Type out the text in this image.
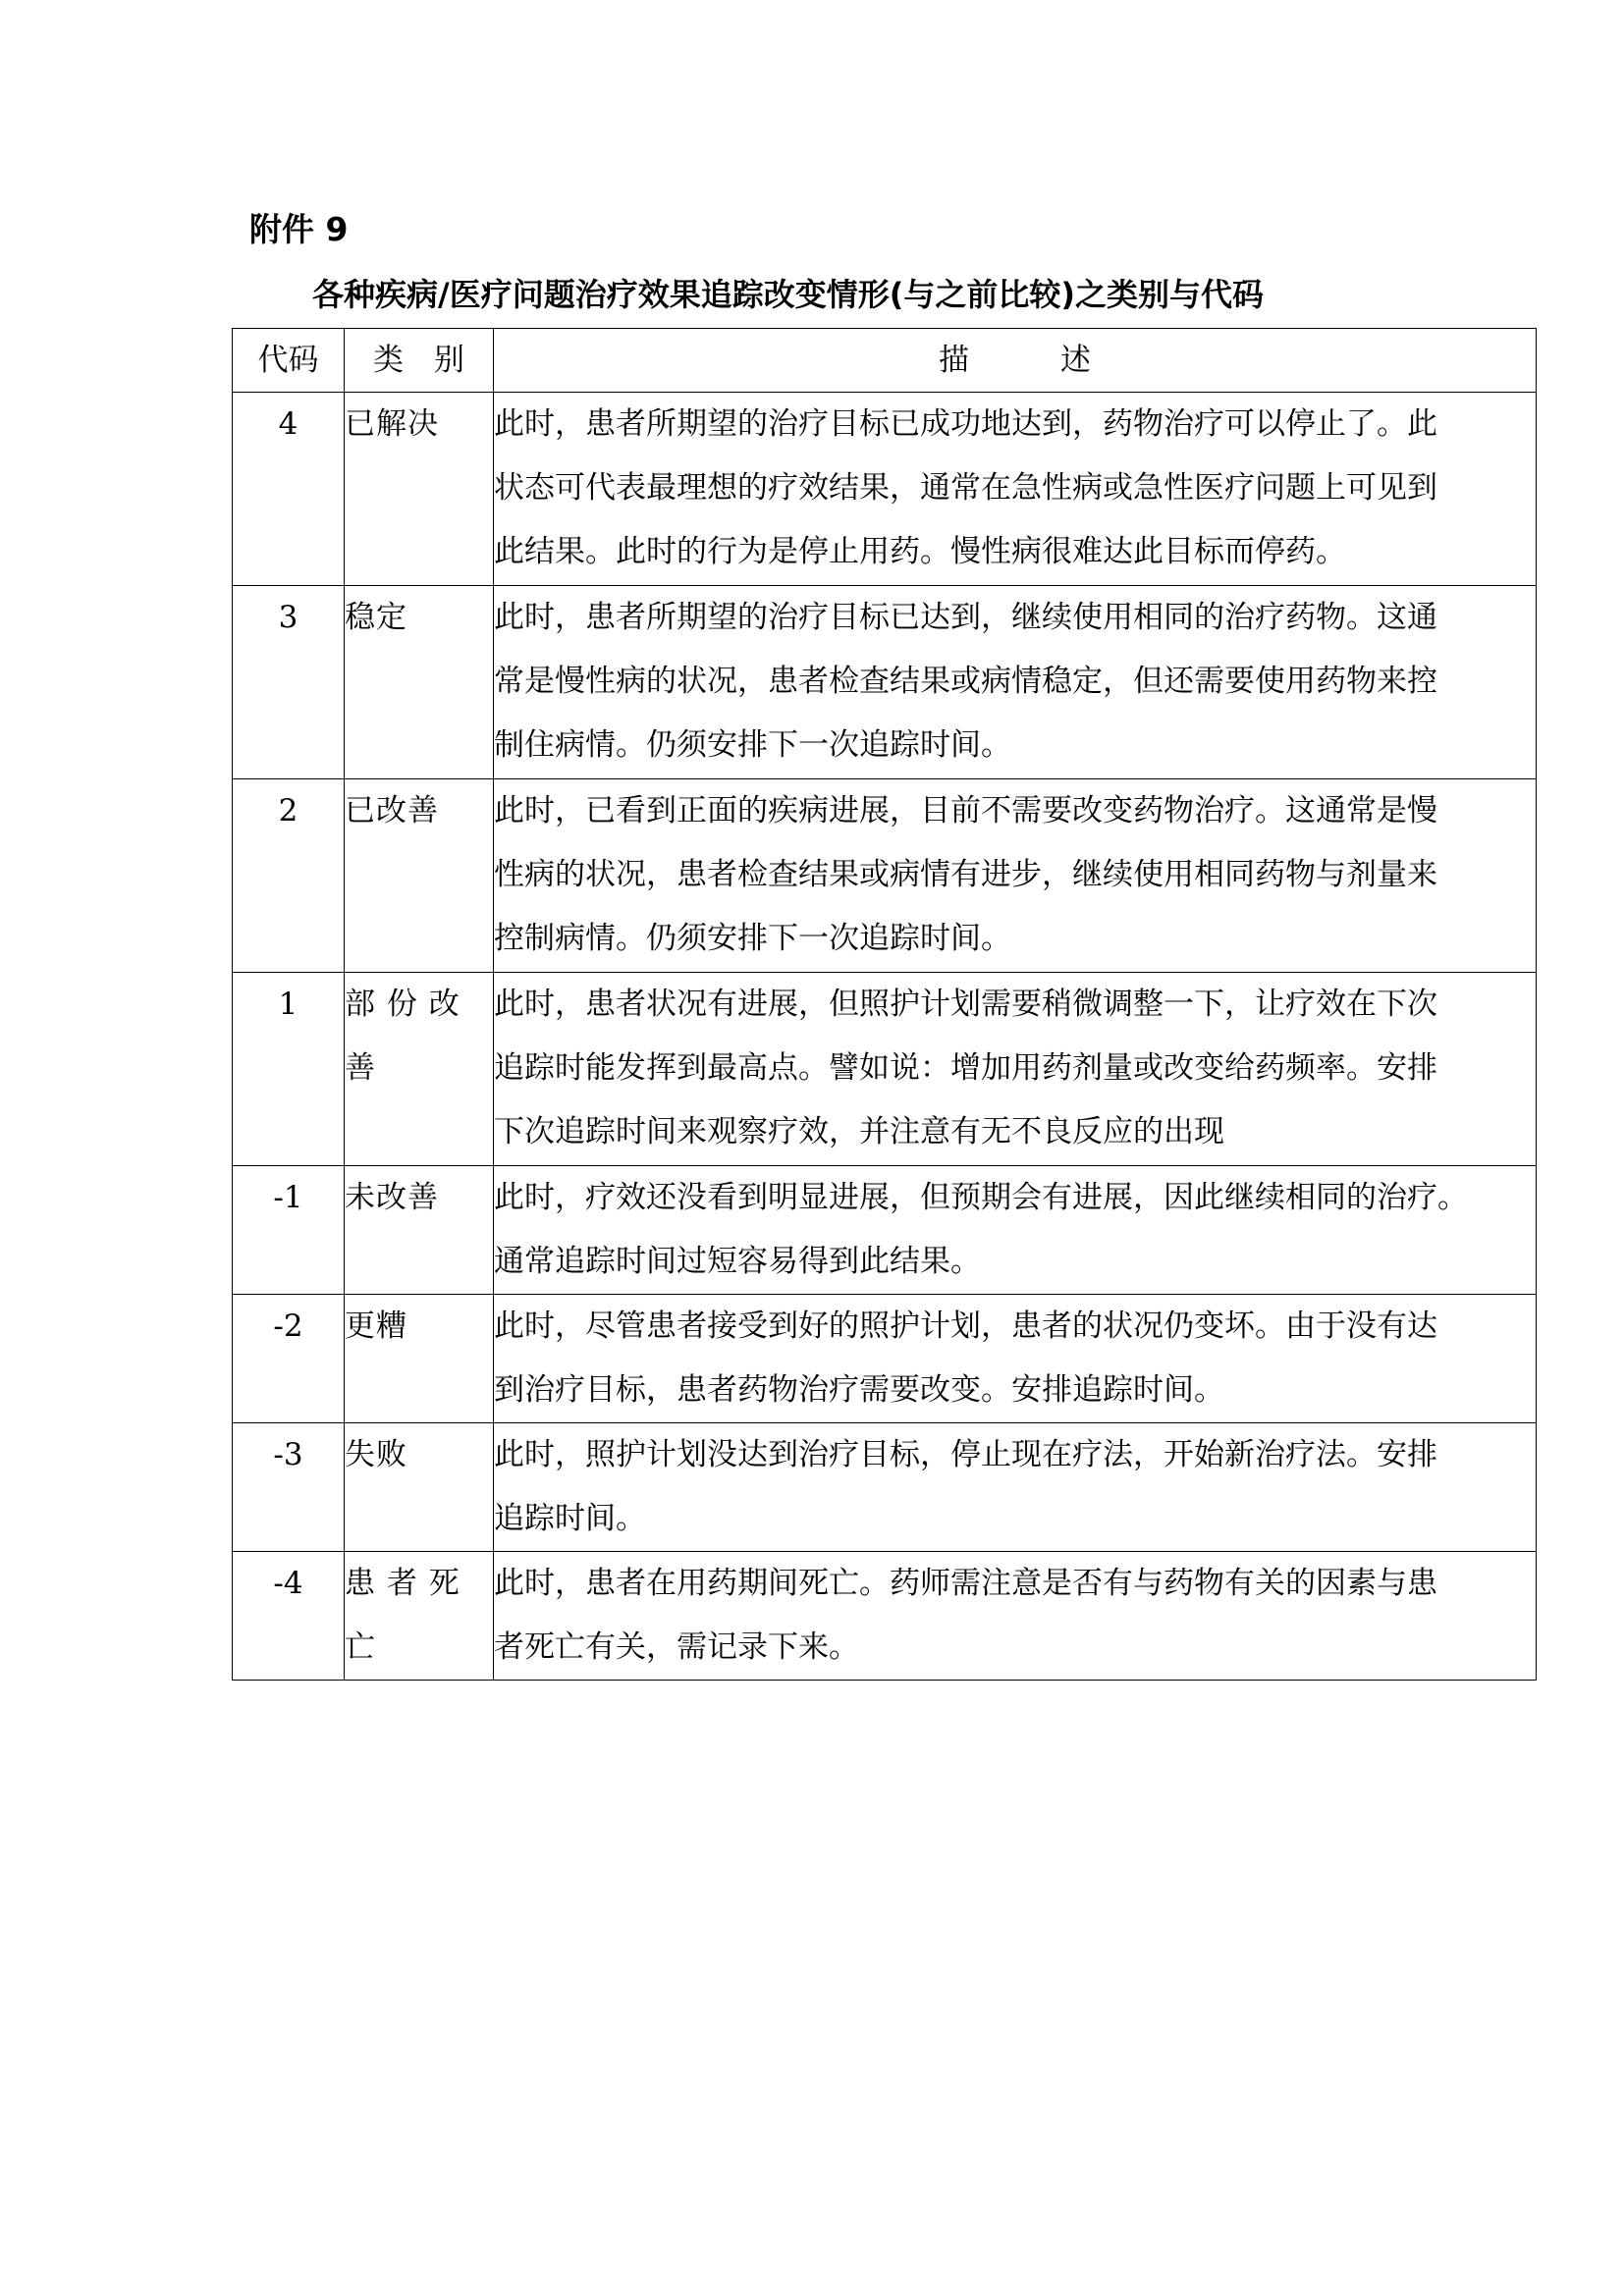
附件 9
各种疾病/医疗问题治疗效果追踪改变情形(与之前比较)之类别与代码
代码	类　别	描　　　述
4	已解决	此时，患者所期望的治疗目标已成功地达到，药物治疗可以停止了。此
状态可代表最理想的疗效结果，通常在急性病或急性医疗问题上可见到
此结果。此时的行为是停止用药。慢性病很难达此目标而停药。

3	稳定	此时，患者所期望的治疗目标已达到，继续使用相同的治疗药物。这通
常是慢性病的状况，患者检查结果或病情稳定，但还需要使用药物来控
制住病情。仍须安排下一次追踪时间。

2	已改善	此时，已看到正面的疾病进展，目前不需要改变药物治疗。这通常是慢
性病的状况，患者检查结果或病情有进步，继续使用相同药物与剂量来
控制病情。仍须安排下一次追踪时间。

1	部 份 改 善	此时，患者状况有进展，但照护计划需要稍微调整一下，让疗效在下次
追踪时能发挥到最高点。譬如说：增加用药剂量或改变给药频率。安排
下次追踪时间来观察疗效，并注意有无不良反应的出现

-1	未改善	此时，疗效还没看到明显进展，但预期会有进展，因此继续相同的治疗。
通常追踪时间过短容易得到此结果。

-2	更糟	此时，尽管患者接受到好的照护计划，患者的状况仍变坏。由于没有达
到治疗目标，患者药物治疗需要改变。安排追踪时间。

-3	失败	此时，照护计划没达到治疗目标，停止现在疗法，开始新治疗法。安排
追踪时间。

-4	患 者 死 亡	此时，患者在用药期间死亡。药师需注意是否有与药物有关的因素与患
者死亡有关，需记录下来。
